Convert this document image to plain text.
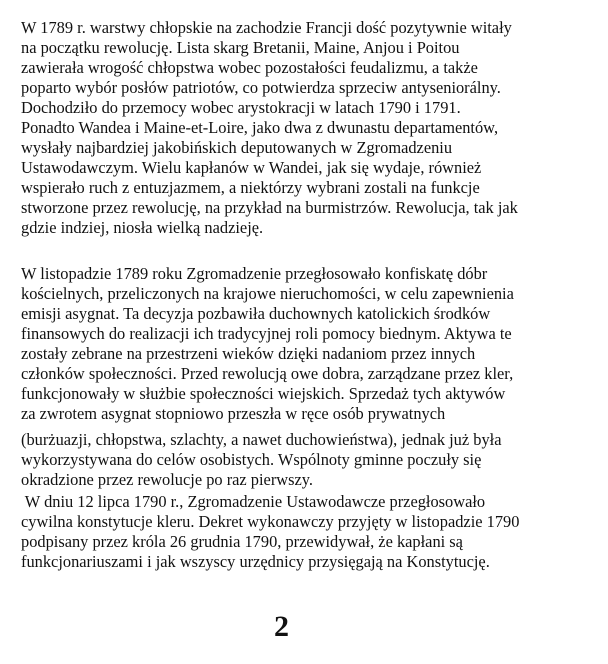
W 1789 r. warstwy chłopskie na zachodzie Francji dość pozytywnie witały
na początku rewolucję. Lista skarg Bretanii, Maine, Anjou i Poitou
zawierała wrogość chłopstwa wobec pozostałości feudalizmu, a także
poparto wybór posłów patriotów, co potwierdza sprzeciw antyseniorálny.
Dochodziło do przemocy wobec arystokracji w latach 1790 i 1791.
Ponadto Wandea i Maine-et-Loire, jako dwa z dwunastu departamentów,
wysłały najbardziej jakobińskich deputowanych w Zgromadzeniu
Ustawodawczym. Wielu kapłanów w Wandei, jak się wydaje, również
wspierało ruch z entuzjazmem, a niektórzy wybrani zostali na funkcje
stworzone przez rewolucję, na przykład na burmistrzów. Rewolucja, tak jak
gdzie indziej, niosła wielką nadzieję.
W listopadzie 1789 roku Zgromadzenie przegłosowało konfiskatę dóbr
kościelnych, przeliczonych na krajowe nieruchomości, w celu zapewnienia
emisji asygnat. Ta decyzja pozbawiła duchownych katolickich środków
finansowych do realizacji ich tradycyjnej roli pomocy biednym. Aktywa te
zostały zebrane na przestrzeni wieków dzięki nadaniom przez innych
członków społeczności. Przed rewolucją owe dobra, zarządzane przez kler,
funkcjonowały w służbie społeczności wiejskich. Sprzedaż tych aktywów
za zwrotem asygnat stopniowo przeszła w ręce osób prywatnych
(burżuazji, chłopstwa, szlachty, a nawet duchowieństwa), jednak już była
wykorzystywana do celów osobistych. Wspólnoty gminne poczuły się
okradzione przez rewolucje po raz pierwszy.
W dniu 12 lipca 1790 r., Zgromadzenie Ustawodawcze przegłosowało
cywilna konstytucje kleru. Dekret wykonawczy przyjęty w listopadzie 1790
podpisany przez króla 26 grudnia 1790, przewidywał, że kapłani są
funkcjonariuszami i jak wszyscy urzędnicy przysięgają na Konstytucję.
2
